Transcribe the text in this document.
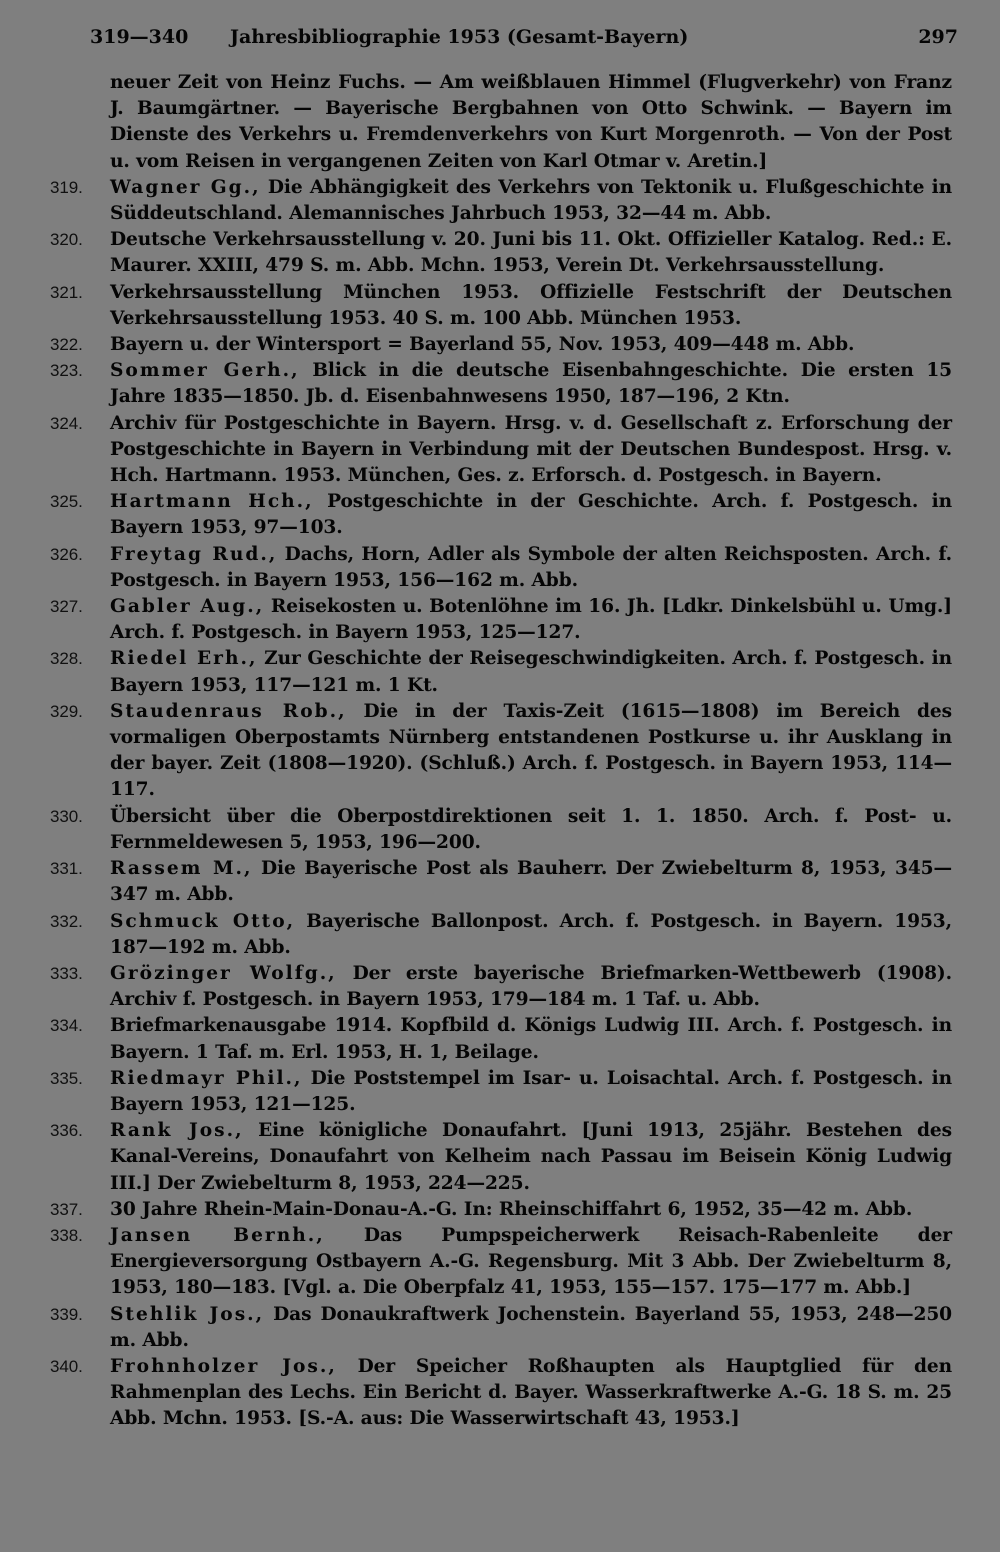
319—340 Jahresbibliographie 1953 (Gesamt-Bayern)	297
neuer Zeit von Heinz Fuchs. — Am weißblauen Himmel (Flugverkehr) von Franz J. Baumgärtner. — Bayerische Bergbahnen von Otto Schwink. — Bayern im Dienste des Verkehrs u. Fremdenverkehrs von Kurt Morgenroth. — Von der Post u. vom Reisen in vergangenen Zeiten von Karl Otmar v. Aretin.]
319.	Wagner Gg., Die Abhängigkeit des Verkehrs von Tektonik u. Flußgeschichte in Süddeutschland. Alemannisches Jahrbuch 1953, 32—44 m. Abb.
320.	Deutsche Verkehrsausstellung v. 20. Juni bis 11. Okt. Offizieller Katalog. Red.: E. Maurer. XXIII, 479 S. m. Abb. Mchn. 1953, Verein Dt. Verkehrsausstellung.
321.	Verkehrsausstellung München 1953. Offizielle Festschrift der Deutschen Verkehrsausstellung 1953. 40 S. m. 100 Abb. München 1953.
322.	Bayern u. der Wintersport = Bayerland 55, Nov. 1953, 409—448 m. Abb.
323.	Sommer Gerh., Blick in die deutsche Eisenbahngeschichte. Die ersten 15 Jahre 1835—1850. Jb. d. Eisenbahnwesens 1950, 187—196, 2 Ktn.
324.	Archiv für Postgeschichte in Bayern. Hrsg. v. d. Gesellschaft z. Erforschung der Postgeschichte in Bayern in Verbindung mit der Deutschen Bundespost. Hrsg. v. Hch. Hartmann. 1953. München, Ges. z. Erforsch. d. Postgesch. in Bayern.
325.	Hartmann Hch., Postgeschichte in der Geschichte. Arch. f. Postgesch. in Bayern 1953, 97—103.
326.	Freytag Rud., Dachs, Horn, Adler als Symbole der alten Reichsposten. Arch. f. Postgesch. in Bayern 1953, 156—162 m. Abb.
327.	Gabler Aug., Reisekosten u. Botenlöhne im 16. Jh. [Ldkr. Dinkelsbühl u. Umg.] Arch. f. Postgesch. in Bayern 1953, 125—127.
328.	Riedel Erh., Zur Geschichte der Reisegeschwindigkeiten. Arch. f. Postgesch. in Bayern 1953, 117—121 m. 1 Kt.
329.	Staudenraus Rob., Die in der Taxis-Zeit (1615—1808) im Bereich des vormaligen Oberpostamts Nürnberg entstandenen Postkurse u. ihr Ausklang in der bayer. Zeit (1808—1920). (Schluß.) Arch. f. Postgesch. in Bayern 1953, 114—117.
330.	Übersicht über die Oberpostdirektionen seit 1. 1. 1850. Arch. f. Post- u. Fernmeldewesen 5, 1953, 196—200.
331.	Rassem M., Die Bayerische Post als Bauherr. Der Zwiebelturm 8, 1953, 345—347 m. Abb.
332.	Schmuck Otto, Bayerische Ballonpost. Arch. f. Postgesch. in Bayern. 1953, 187—192 m. Abb.
333.	Grözinger Wolfg., Der erste bayerische Briefmarken-Wettbewerb (1908). Archiv f. Postgesch. in Bayern 1953, 179—184 m. 1 Taf. u. Abb.
334.	Briefmarkenausgabe 1914. Kopfbild d. Königs Ludwig III. Arch. f. Postgesch. in Bayern. 1 Taf. m. Erl. 1953, H. 1, Beilage.
335.	Riedmayr Phil., Die Poststempel im Isar- u. Loisachtal. Arch. f. Postgesch. in Bayern 1953, 121—125.
336.	Rank Jos., Eine königliche Donaufahrt. [Juni 1913, 25jähr. Bestehen des Kanal-Vereins, Donaufahrt von Kelheim nach Passau im Beisein König Ludwig III.] Der Zwiebelturm 8, 1953, 224—225.
337.	30 Jahre Rhein-Main-Donau-A.-G. In: Rheinschiffahrt 6, 1952, 35—42 m. Abb.
338.	Jansen Bernh., Das Pumpspeicherwerk Reisach-Rabenleite der Energieversorgung Ostbayern A.-G. Regensburg. Mit 3 Abb. Der Zwiebelturm 8, 1953, 180—183. [Vgl. a. Die Oberpfalz 41, 1953, 155—157. 175—177 m. Abb.]
339.	Stehlik Jos., Das Donaukraftwerk Jochenstein. Bayerland 55, 1953, 248—250 m. Abb.
340.	Frohnholzer Jos., Der Speicher Roßhaupten als Hauptglied für den Rahmenplan des Lechs. Ein Bericht d. Bayer. Wasserkraftwerke A.-G. 18 S. m. 25 Abb. Mchn. 1953. [S.-A. aus: Die Wasserwirtschaft 43, 1953.]
